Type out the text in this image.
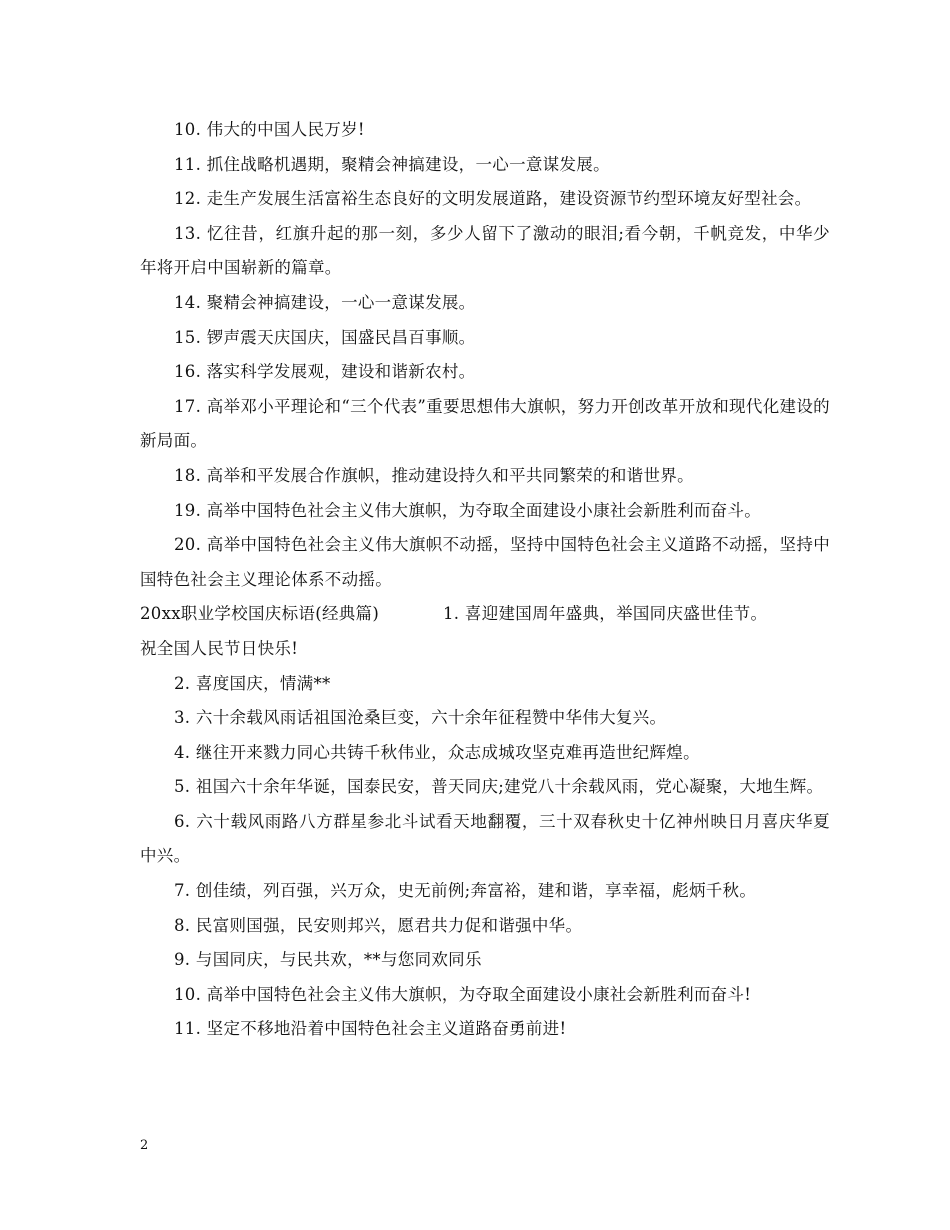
10. 伟大的中国人民万岁!

11. 抓住战略机遇期，聚精会神搞建设，一心一意谋发展。

12. 走生产发展生活富裕生态良好的文明发展道路，建设资源节约型环境友好型社会。

13. 忆往昔，红旗升起的那一刻，多少人留下了激动的眼泪;看今朝，千帆竞发，中华少年将开启中国崭新的篇章。

14. 聚精会神搞建设，一心一意谋发展。

15. 锣声震天庆国庆，国盛民昌百事顺。

16. 落实科学发展观，建设和谐新农村。

17. 高举邓小平理论和“三个代表”重要思想伟大旗帜，努力开创改革开放和现代化建设的新局面。

18. 高举和平发展合作旗帜，推动建设持久和平共同繁荣的和谐世界。

19. 高举中国特色社会主义伟大旗帜，为夺取全面建设小康社会新胜利而奋斗。

20. 高举中国特色社会主义伟大旗帜不动摇，坚持中国特色社会主义道路不动摇，坚持中国特色社会主义理论体系不动摇。

20xx职业学校国庆标语(经典篇)	1. 喜迎建国周年盛典，举国同庆盛世佳节。

祝全国人民节日快乐!

2. 喜度国庆，情满**

3. 六十余载风雨话祖国沧桑巨变，六十余年征程赞中华伟大复兴。

4. 继往开来戮力同心共铸千秋伟业，众志成城攻坚克难再造世纪辉煌。

5. 祖国六十余年华诞，国泰民安，普天同庆;建党八十余载风雨，党心凝聚，大地生辉。

6. 六十载风雨路八方群星参北斗试看天地翻覆，三十双春秋史十亿神州映日月喜庆华夏中兴。

7. 创佳绩，列百强，兴万众，史无前例;奔富裕，建和谐，享幸福，彪炳千秋。

8. 民富则国强，民安则邦兴，愿君共力促和谐强中华。

9. 与国同庆，与民共欢，**与您同欢同乐

10. 高举中国特色社会主义伟大旗帜，为夺取全面建设小康社会新胜利而奋斗!

11. 坚定不移地沿着中国特色社会主义道路奋勇前进!

2
